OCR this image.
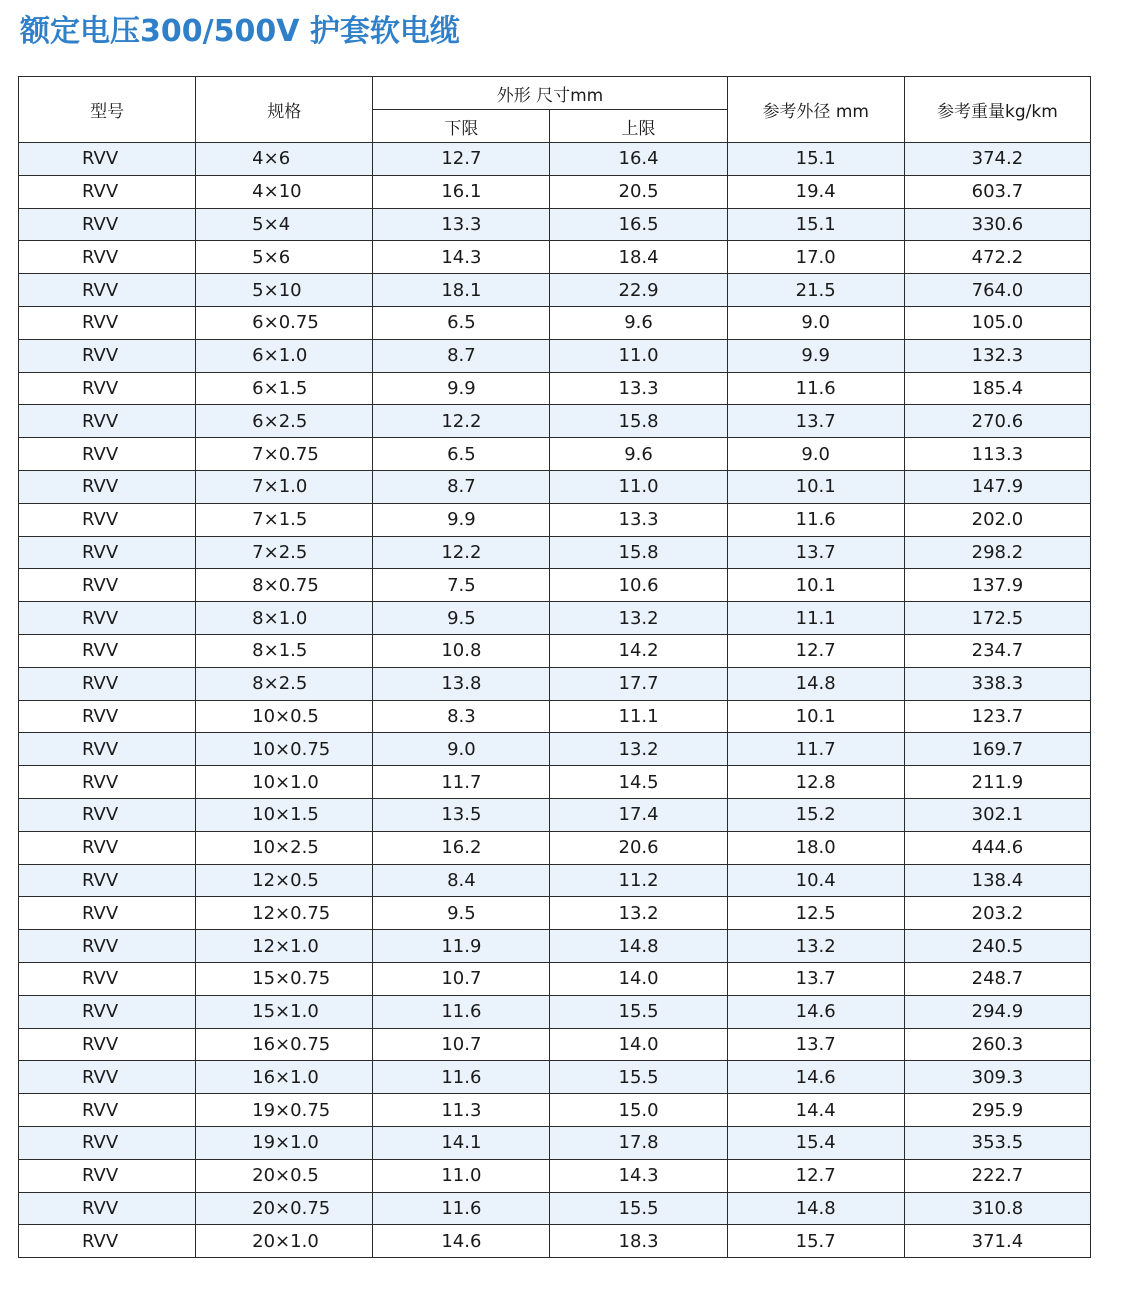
额定电压300/500V 护套软电缆
型号	规格	外形 尺寸mm		参考外径 mm	参考重量kg/km
		下限	上限		
RVV	4×6	12.7	16.4	15.1	374.2
RVV	4×10	16.1	20.5	19.4	603.7
RVV	5×4	13.3	16.5	15.1	330.6
RVV	5×6	14.3	18.4	17.0	472.2
RVV	5×10	18.1	22.9	21.5	764.0
RVV	6×0.75	6.5	9.6	9.0	105.0
RVV	6×1.0	8.7	11.0	9.9	132.3
RVV	6×1.5	9.9	13.3	11.6	185.4
RVV	6×2.5	12.2	15.8	13.7	270.6
RVV	7×0.75	6.5	9.6	9.0	113.3
RVV	7×1.0	8.7	11.0	10.1	147.9
RVV	7×1.5	9.9	13.3	11.6	202.0
RVV	7×2.5	12.2	15.8	13.7	298.2
RVV	8×0.75	7.5	10.6	10.1	137.9
RVV	8×1.0	9.5	13.2	11.1	172.5
RVV	8×1.5	10.8	14.2	12.7	234.7
RVV	8×2.5	13.8	17.7	14.8	338.3
RVV	10×0.5	8.3	11.1	10.1	123.7
RVV	10×0.75	9.0	13.2	11.7	169.7
RVV	10×1.0	11.7	14.5	12.8	211.9
RVV	10×1.5	13.5	17.4	15.2	302.1
RVV	10×2.5	16.2	20.6	18.0	444.6
RVV	12×0.5	8.4	11.2	10.4	138.4
RVV	12×0.75	9.5	13.2	12.5	203.2
RVV	12×1.0	11.9	14.8	13.2	240.5
RVV	15×0.75	10.7	14.0	13.7	248.7
RVV	15×1.0	11.6	15.5	14.6	294.9
RVV	16×0.75	10.7	14.0	13.7	260.3
RVV	16×1.0	11.6	15.5	14.6	309.3
RVV	19×0.75	11.3	15.0	14.4	295.9
RVV	19×1.0	14.1	17.8	15.4	353.5
RVV	20×0.5	11.0	14.3	12.7	222.7
RVV	20×0.75	11.6	15.5	14.8	310.8
RVV	20×1.0	14.6	18.3	15.7	371.4
